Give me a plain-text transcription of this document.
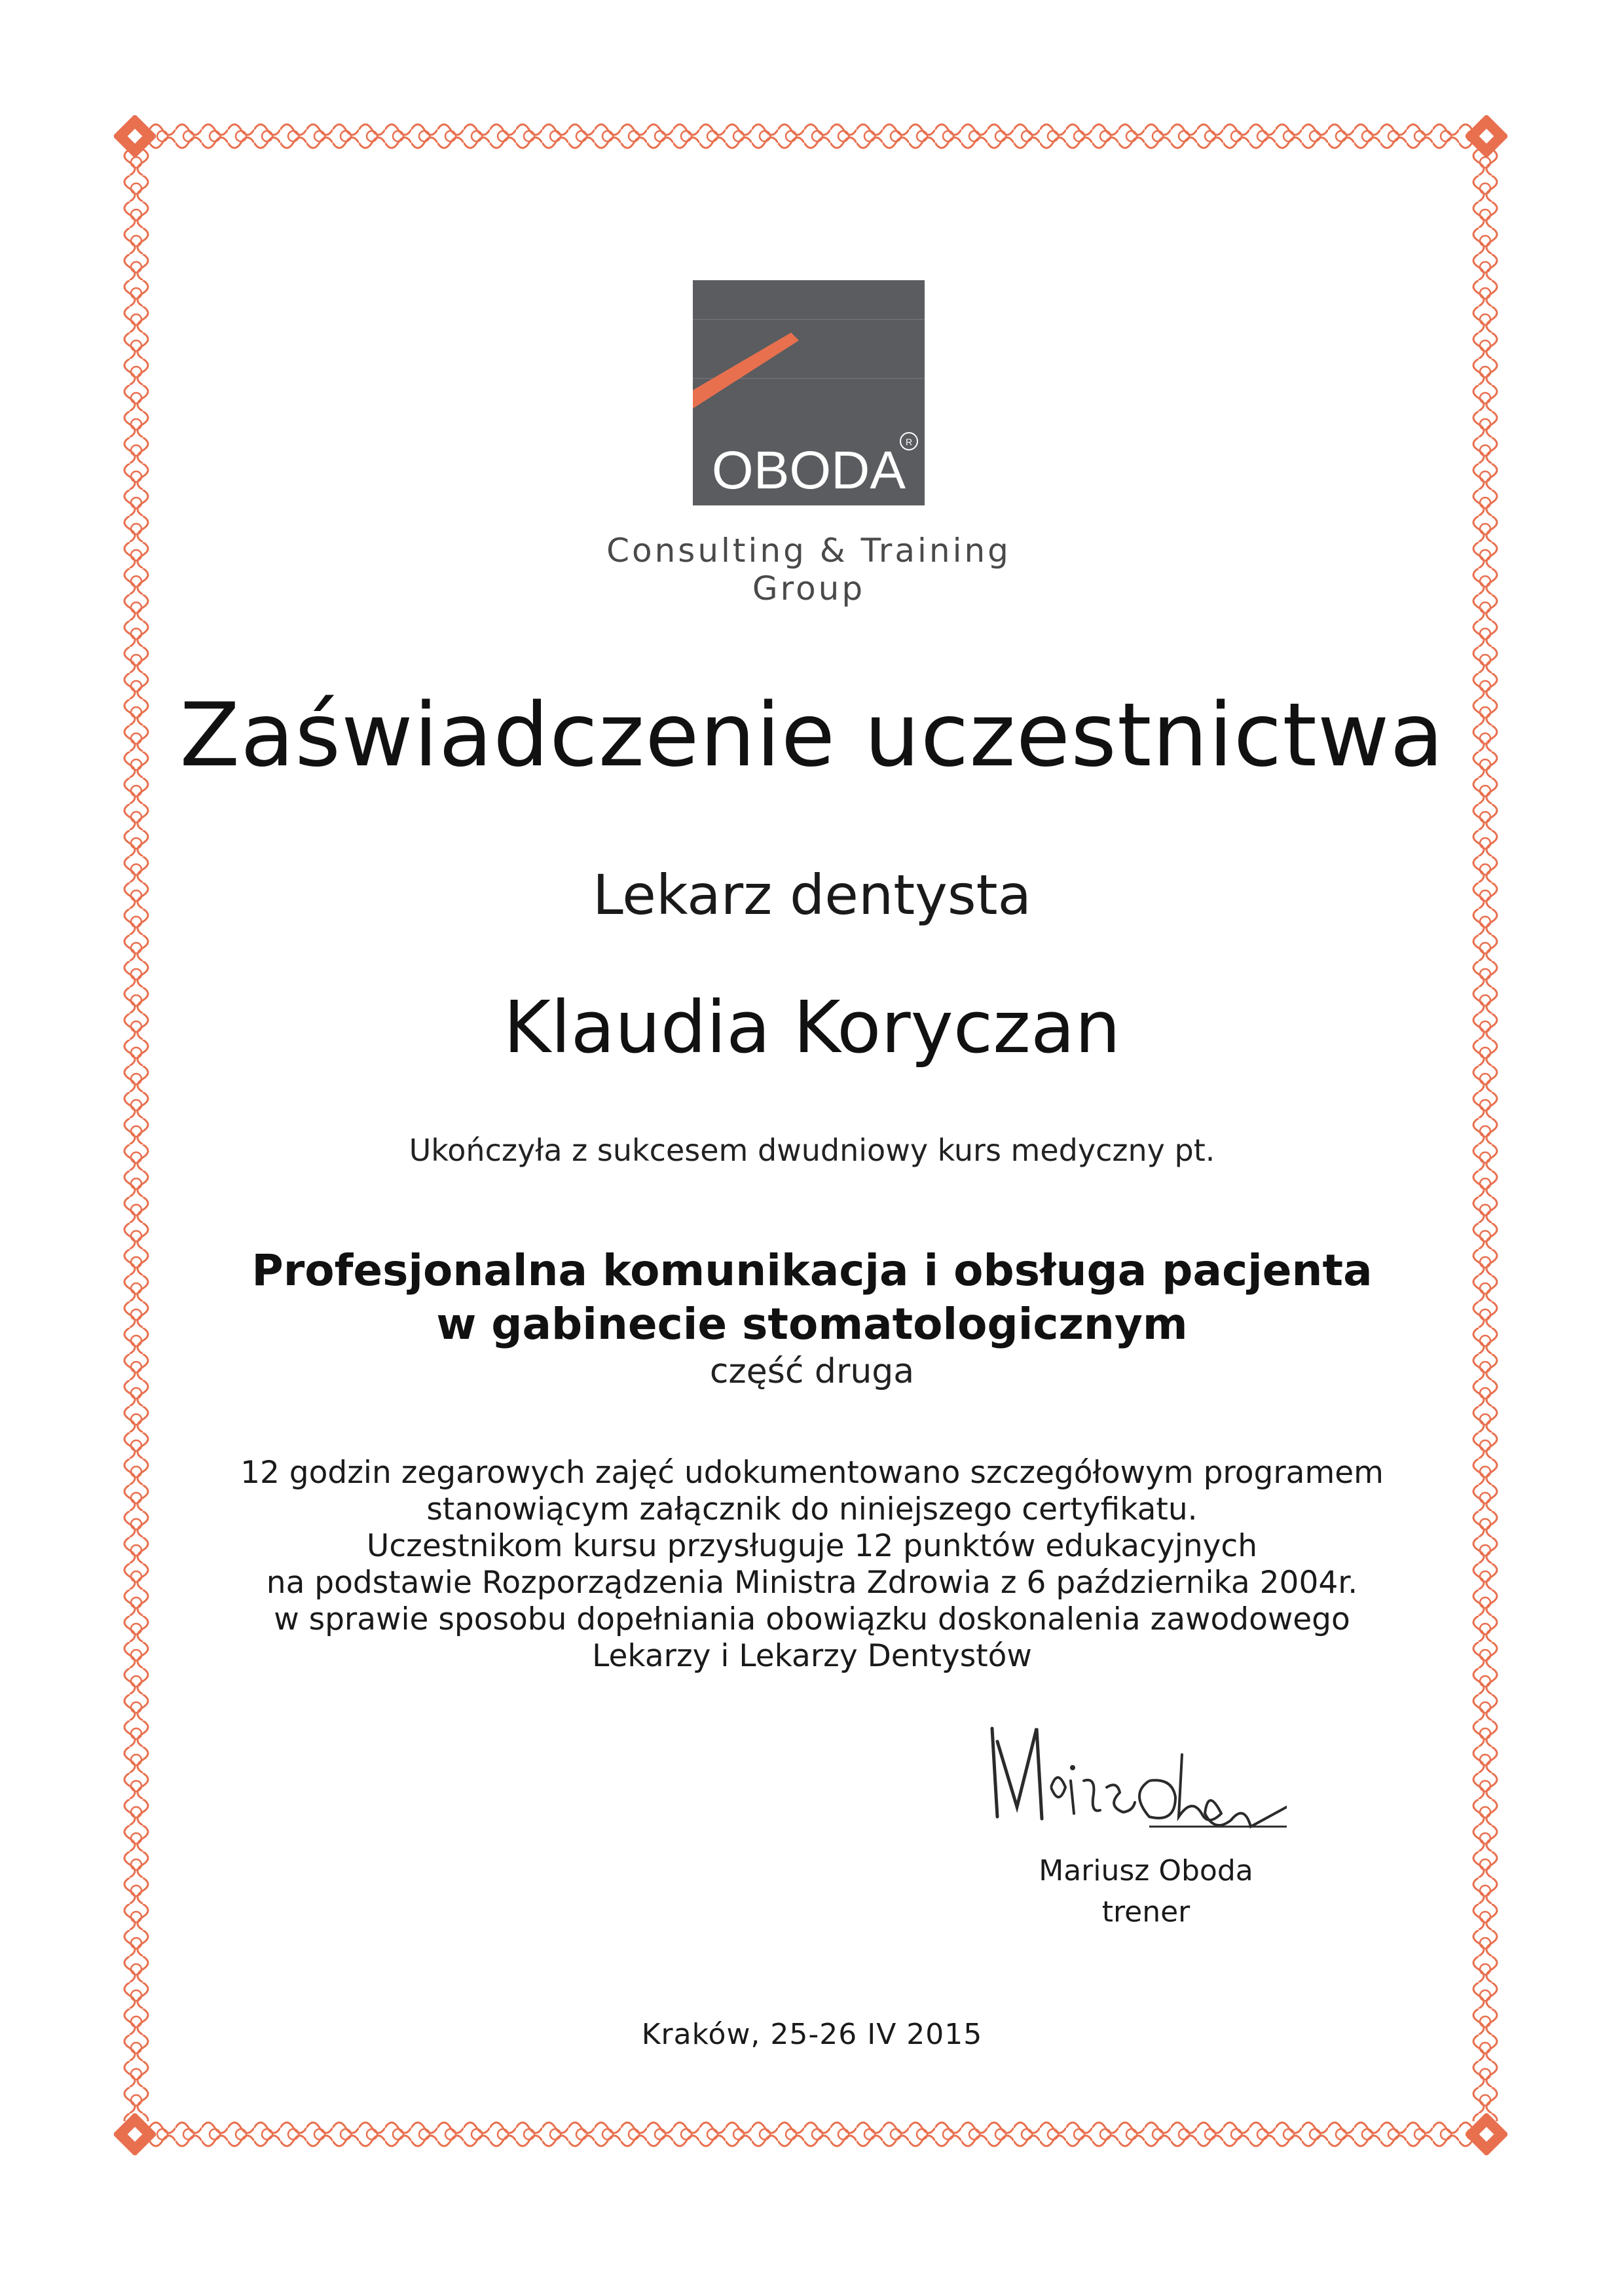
OBODA R
Consulting & Training Group
Zaświadczenie uczestnictwa
Lekarz dentysta
Klaudia Koryczan
Ukończyła z sukcesem dwudniowy kurs medyczny pt.
Profesjonalna komunikacja i obsługa pacjenta
w gabinecie stomatologicznym
część druga
12 godzin zegarowych zajęć udokumentowano szczegółowym programem
stanowiącym załącznik do niniejszego certyfikatu.
Uczestnikom kursu przysługuje 12 punktów edukacyjnych
na podstawie Rozporządzenia Ministra Zdrowia z 6 października 2004r.
w sprawie sposobu dopełniania obowiązku doskonalenia zawodowego
Lekarzy i Lekarzy Dentystów
Mariusz Oboda
trener
Kraków, 25-26 IV 2015
